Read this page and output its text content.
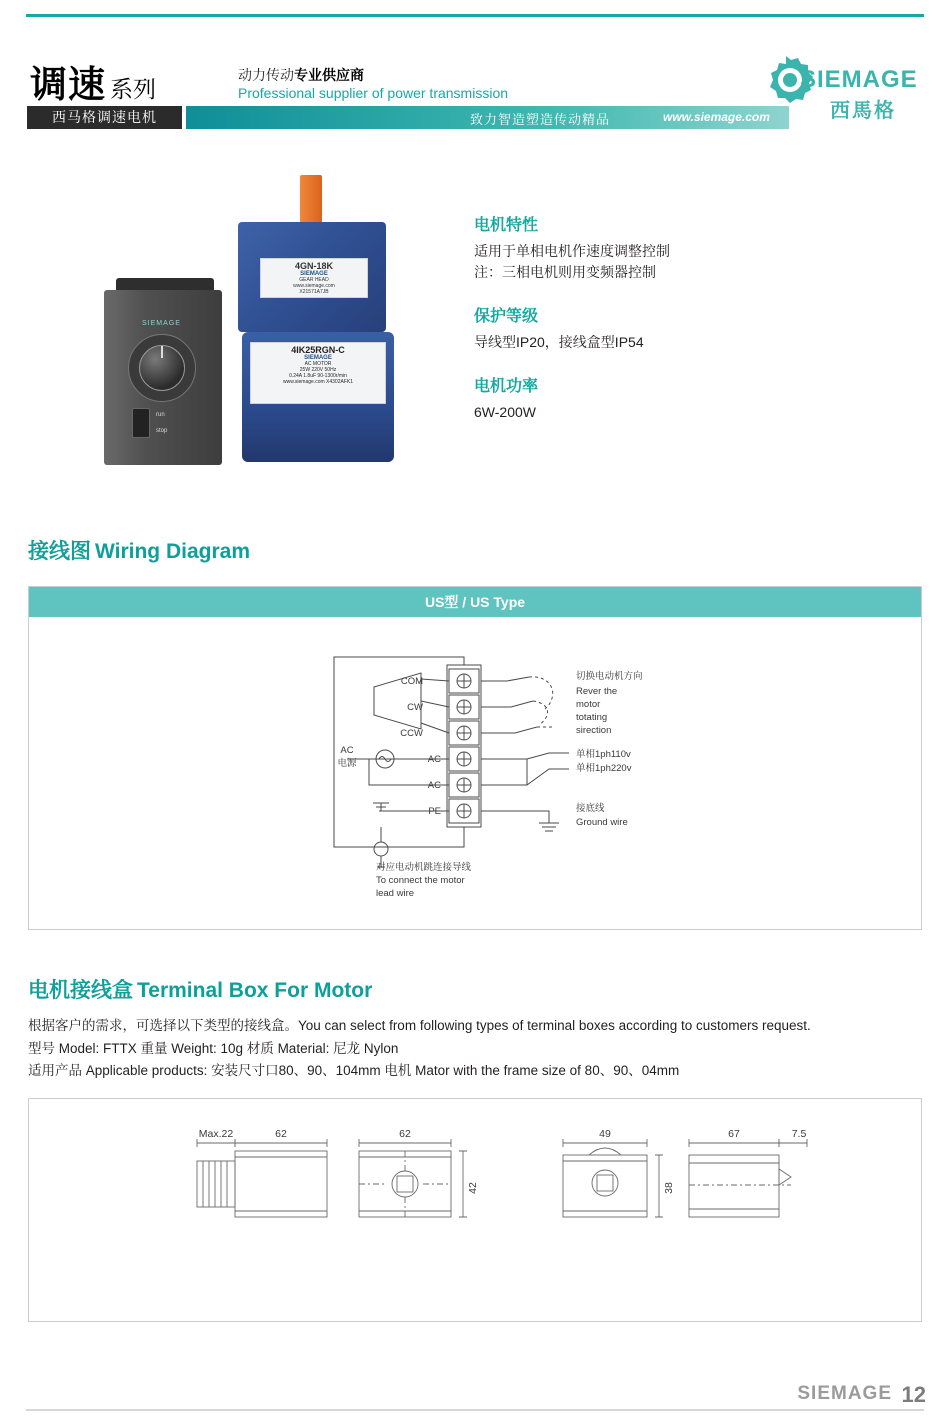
调速 系列
西马格调速电机
动力传动专业供应商
Professional supplier of power transmission
致力智造塑造传动精品	www.siemage.com
SIEMAGE
西馬格
4GN-18K
SIEMAGE
GEAR HEAD
www.siemage.com
X21571A7JB
4IK25RGN-C
SIEMAGE
AC MOTOR
25W 220V 50Hz
0.24A 1.8uF 90-1300r/min
www.siemage.com X4302AFK1
SIEMAGE
run
stop
电机特性
适用于单相电机作速度调整控制
注：三相电机则用变频器控制
保护等级
导线型IP20，接线盒型IP54
电机功率
6W-200W
接线图 Wiring Diagram
US型 / US Type
COM
CW
CCW
AC
AC
PE
AC
电源
切换电动机方向
Rever the
motor
totating
sirection
单相1ph110v
单相1ph220v
接底线
Ground wire
对应电动机跳连接导线
To connect the motor
lead wire
电机接线盒 Terminal Box For Motor
根据客户的需求，可选择以下类型的接线盒。You can select from following types of terminal boxes according to customers request.
型号 Model: FTTX 重量 Weight: 10g 材质 Material: 尼龙 Nylon
适用产品 Applicable products: 安装尺寸口80、90、104mm 电机 Mator with the frame size of 80、90、04mm
Max.22	62	62
42
49
38
67	7.5
SIEMAGE 12
